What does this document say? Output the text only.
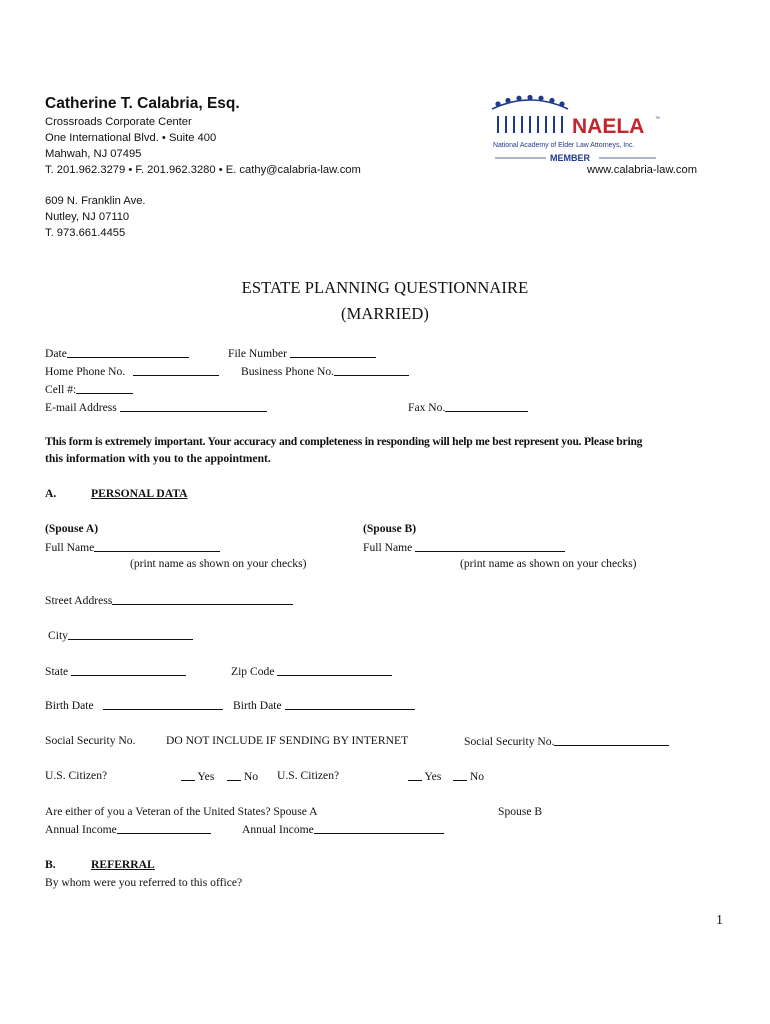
Catherine T. Calabria, Esq.
Crossroads Corporate Center
One International Blvd. • Suite 400
Mahwah, NJ 07495
T. 201.962.3279 • F. 201.962.3280 • E. cathy@calabria-law.com	www.calabria-law.com
609 N. Franklin Ave.
Nutley, NJ 07110
T. 973.661.4455
NAELA ™
National Academy of Elder Law Attorneys, Inc.
MEMBER
ESTATE PLANNING QUESTIONNAIRE
(MARRIED)
Date	File Number
Home Phone No.	Business Phone No.
Cell #:
E-mail Address	Fax No.
This form is extremely important. Your accuracy and completeness in responding will help me best represent you. Please bring
this information with you to the appointment.
A.	PERSONAL DATA
(Spouse A)	(Spouse B)
Full Name	Full Name
(print name as shown on your checks)	(print name as shown on your checks)
Street Address
City
State	Zip Code
Birth Date	Birth Date
Social Security No.	DO NOT INCLUDE IF SENDING BY INTERNET	Social Security No.
U.S. Citizen?	Yes	No U.S. Citizen?	Yes	No
Are either of you a Veteran of the United States? Spouse A	Spouse B
Annual Income	Annual Income
B.	REFERRAL
By whom were you referred to this office?
1
